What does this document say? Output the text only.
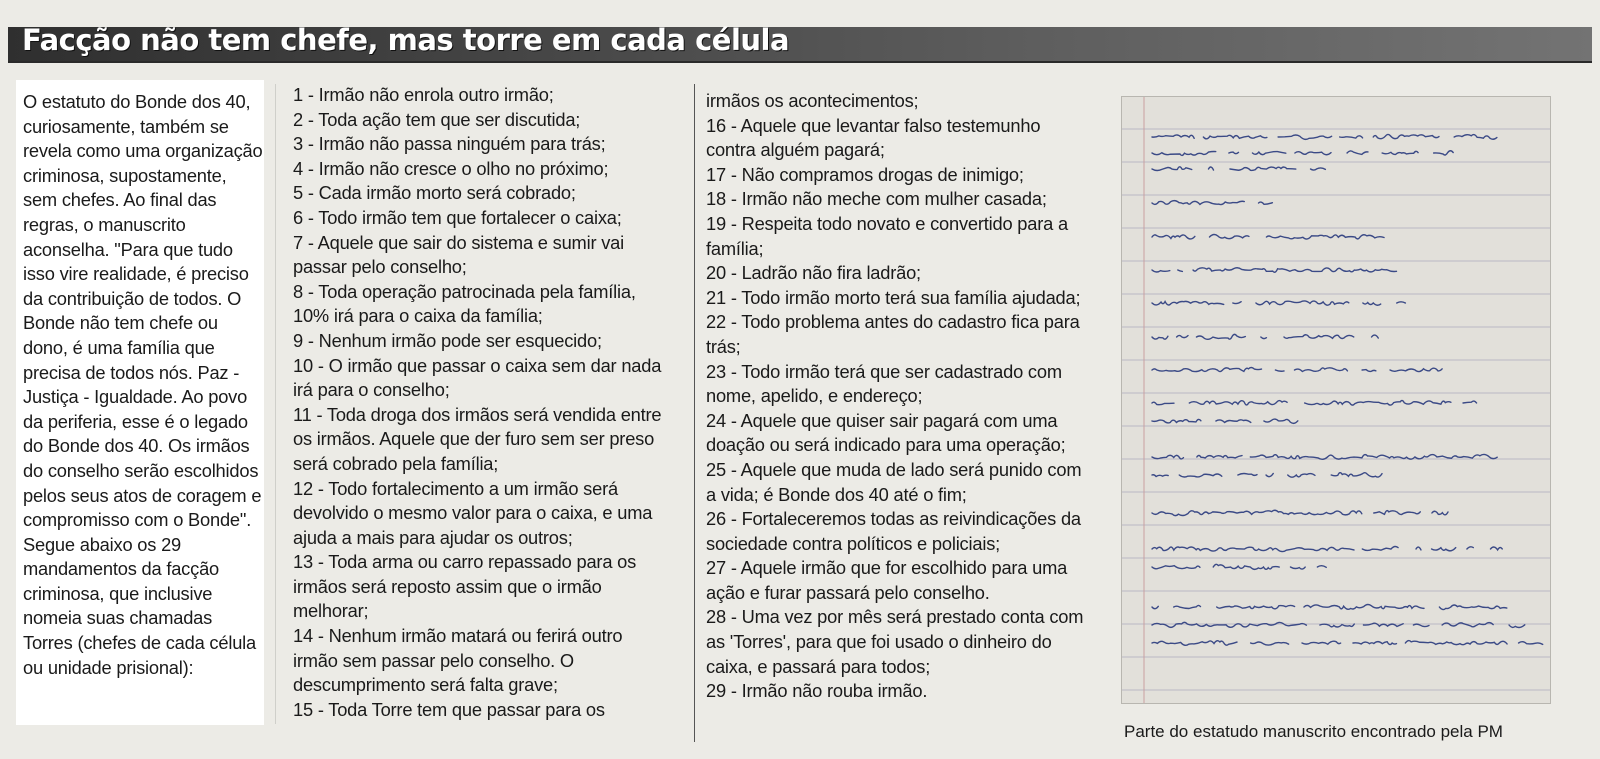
Facção não tem chefe, mas torre em cada célula
O estatuto do Bonde dos 40, curiosamente, também se revela como uma organização criminosa, supostamente, sem chefes. Ao final das regras, o manuscrito aconselha. "Para que tudo isso vire realidade, é preciso da contribuição de todos. O Bonde não tem chefe ou dono, é uma família que precisa de todos nós. Paz - Justiça - Igualdade. Ao povo da periferia, esse é o legado do Bonde dos 40. Os irmãos do conselho serão escolhidos pelos seus atos de coragem e compromisso com o Bonde". Segue abaixo os 29 mandamentos da facção criminosa, que inclusive nomeia suas chamadas Torres (chefes de cada célula ou unidade prisional):
1 - Irmão não enrola outro irmão;
2 - Toda ação tem que ser discutida;
3 - Irmão não passa ninguém para trás;
4 - Irmão não cresce o olho no próximo;
5 - Cada irmão morto será cobrado;
6 - Todo irmão tem que fortalecer o caixa;
7 - Aquele que sair do sistema e sumir vai passar pelo conselho;
8 - Toda operação patrocinada pela família, 10% irá para o caixa da família;
9 - Nenhum irmão pode ser esquecido;
10 - O irmão que passar o caixa sem dar nada irá para o conselho;
11 - Toda droga dos irmãos será vendida entre os irmãos. Aquele que der furo sem ser preso será cobrado pela família;
12 - Todo fortalecimento a um irmão será devolvido o mesmo valor para o caixa, e uma ajuda a mais para ajudar os outros;
13 - Toda arma ou carro repassado para os irmãos será reposto assim que o irmão melhorar;
14 - Nenhum irmão matará ou ferirá outro irmão sem passar pelo conselho. O descumprimento será falta grave;
15 - Toda Torre tem que passar para os
irmãos os acontecimentos;
16 - Aquele que levantar falso testemunho contra alguém pagará;
17 - Não compramos drogas de inimigo;
18 - Irmão não meche com mulher casada;
19 - Respeita todo novato e convertido para a família;
20 - Ladrão não fira ladrão;
21 - Todo irmão morto terá sua família ajudada;
22 - Todo problema antes do cadastro fica para trás;
23 - Todo irmão terá que ser cadastrado com nome, apelido, e endereço;
24 - Aquele que quiser sair pagará com uma doação ou será indicado para uma operação;
25 - Aquele que muda de lado será punido com a vida; é Bonde dos 40 até o fim;
26 - Fortaleceremos todas as reivindicações da sociedade contra políticos e policiais;
27 - Aquele irmão que for escolhido para uma ação e furar passará pelo conselho.
28 - Uma vez por mês será prestado conta com as 'Torres', para que foi usado o dinheiro do caixa, e passará para todos;
29 - Irmão não rouba irmão.
Parte do estatudo manuscrito encontrado pela PM
